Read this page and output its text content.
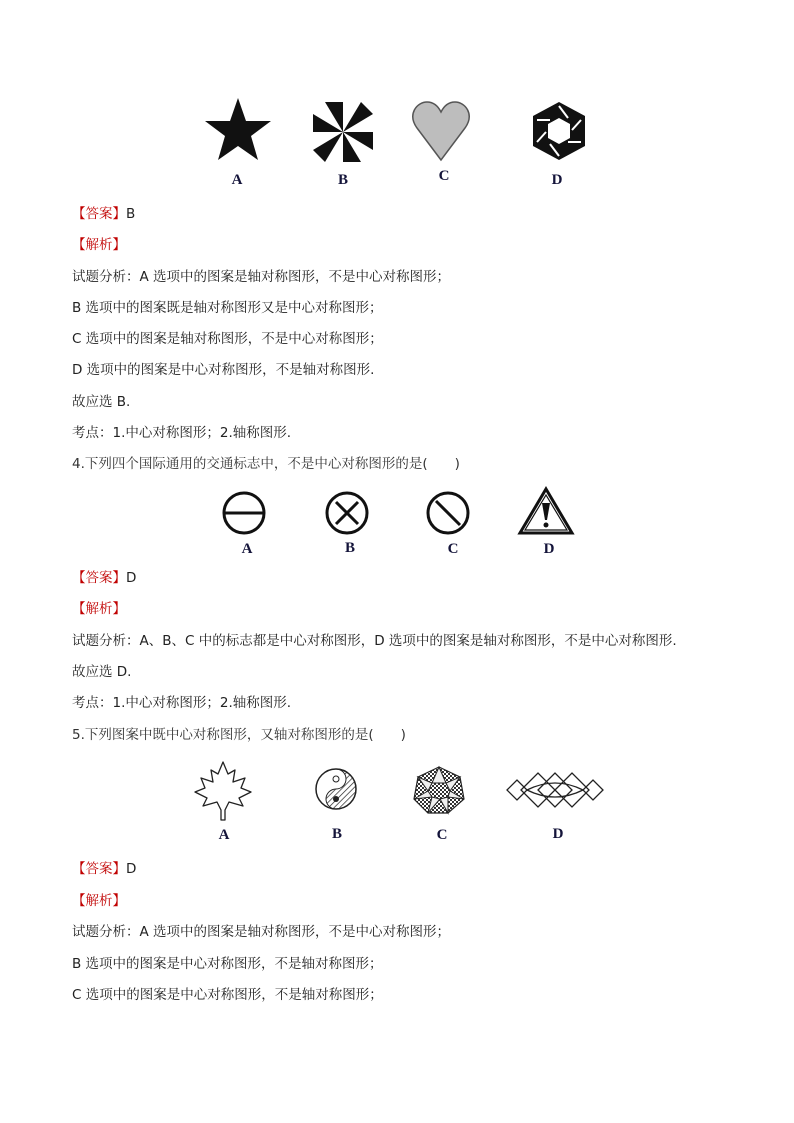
A	B	C	D
【答案】B
【解析】
试题分析：A 选项中的图案是轴对称图形，不是中心对称图形；
B 选项中的图案既是轴对称图形又是中心对称图形；
C 选项中的图案是轴对称图形，不是中心对称图形；
D 选项中的图案是中心对称图形，不是轴对称图形.
故应选 B.
考点：1.中心对称图形；2.轴称图形.
4.下列四个国际通用的交通标志中，不是中心对称图形的是(　　)
A	B	C	D
【答案】D
【解析】
试题分析：A、B、C 中的标志都是中心对称图形，D 选项中的图案是轴对称图形，不是中心对称图形.
故应选 D.
考点：1.中心对称图形；2.轴称图形.
5.下列图案中既中心对称图形，又轴对称图形的是(　　)
A	B	C	D
【答案】D
【解析】
试题分析：A 选项中的图案是轴对称图形，不是中心对称图形；
B 选项中的图案是中心对称图形，不是轴对称图形；
C 选项中的图案是中心对称图形，不是轴对称图形；
